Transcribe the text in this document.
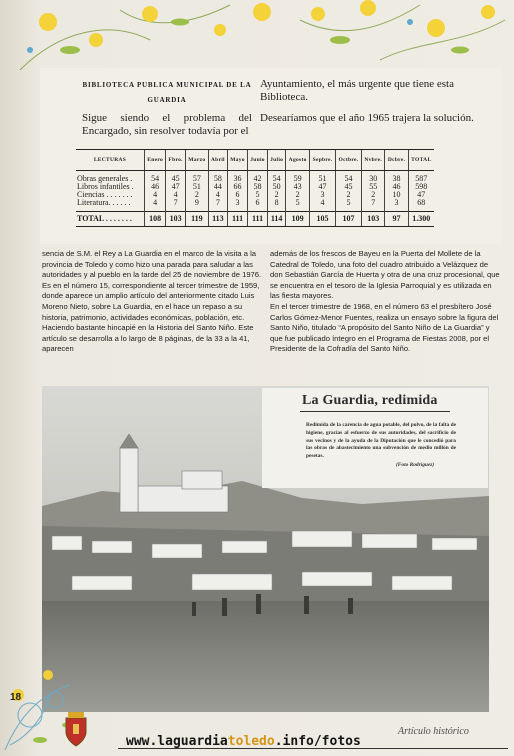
BIBLIOTECA PUBLICA MUNICIPAL DE LA GUARDIA
Sigue siendo el problema del Encargado, sin resolver todavía por el
Ayuntamiento, el más urgente que tiene esta Biblioteca.
Desearíamos que el año 1965 trajera la solución.
LECTURAS	Enero	Fbro.	Marzo	Abril	Mayo	Junio	Julio	Agosto	Sepbre.	Octbre.	Nvbre.	Dcbre.	TOTAL
Obras generales .	54	45	57	58	36	42	54	59	51	54	30	38	587
Libros infantiles .	46	47	51	44	66	58	50	43	47	45	55	46	598
Ciencias . . . . . . .	4	4	2	4	6	5	2	2	3	2	2	10	47
Literatura. . . . . .	4	7	9	7	3	6	8	5	4	5	7	3	68
TOTAL . . . . . . .	108	103	119	113	111	111	114	109	105	107	103	97	1.300
sencia de S.M. el Rey a La Guardia en el marco de la visita a la provincia de Toledo y como hizo una parada para saludar a las autoridades y al pueblo en la tarde del 25 de noviembre de 1976.
Es en el número 15, correspondiente al tercer trimestre de 1959, donde aparece un amplio artículo del anteriormente citado Luis Moreno Nieto, sobre La Guardia, en el hace un repaso a su historia, patrimonio, actividades económicas, población, etc. Haciendo bastante hincapié en la Historia del Santo Niño. Este artículo se desarrolla a lo largo de 8 páginas, de la 33 a la 41, aparecen
además de los frescos de Bayeu en la Puerta del Mollete de la Catedral de Toledo, una foto del cuadro atribuido a Velázquez de don Sebastián García de Huerta y otra de una cruz procesional, que se encuentra en el tesoro de la Iglesia Parroquial y es utilizada en las fiesta mayores.
En el tercer trimestre de 1968, en el número 63 el presbítero José Carlos Gómez-Menor Fuentes, realiza un ensayo sobre la figura del Santo Niño, titulado “A propósito del Santo Niño de La Guardia” y que fue publicado íntegro en el Programa de Fiestas 2008, por el Presidente de la Cofradía del Santo Niño.
La Guardia, redimida
Redimida de la carencia de agua potable, del polvo, de la falta de higiene, gracias al esfuerzo de sus autoridades, del sacrificio de sus vecinos y de la ayuda de la Diputación que le concedió para las obras de abastecimiento una subvención de medio millón de pesetas.
(Foto Rodríguez)
18
www.laguardiatoledo.info/fotos
Artículo histórico
